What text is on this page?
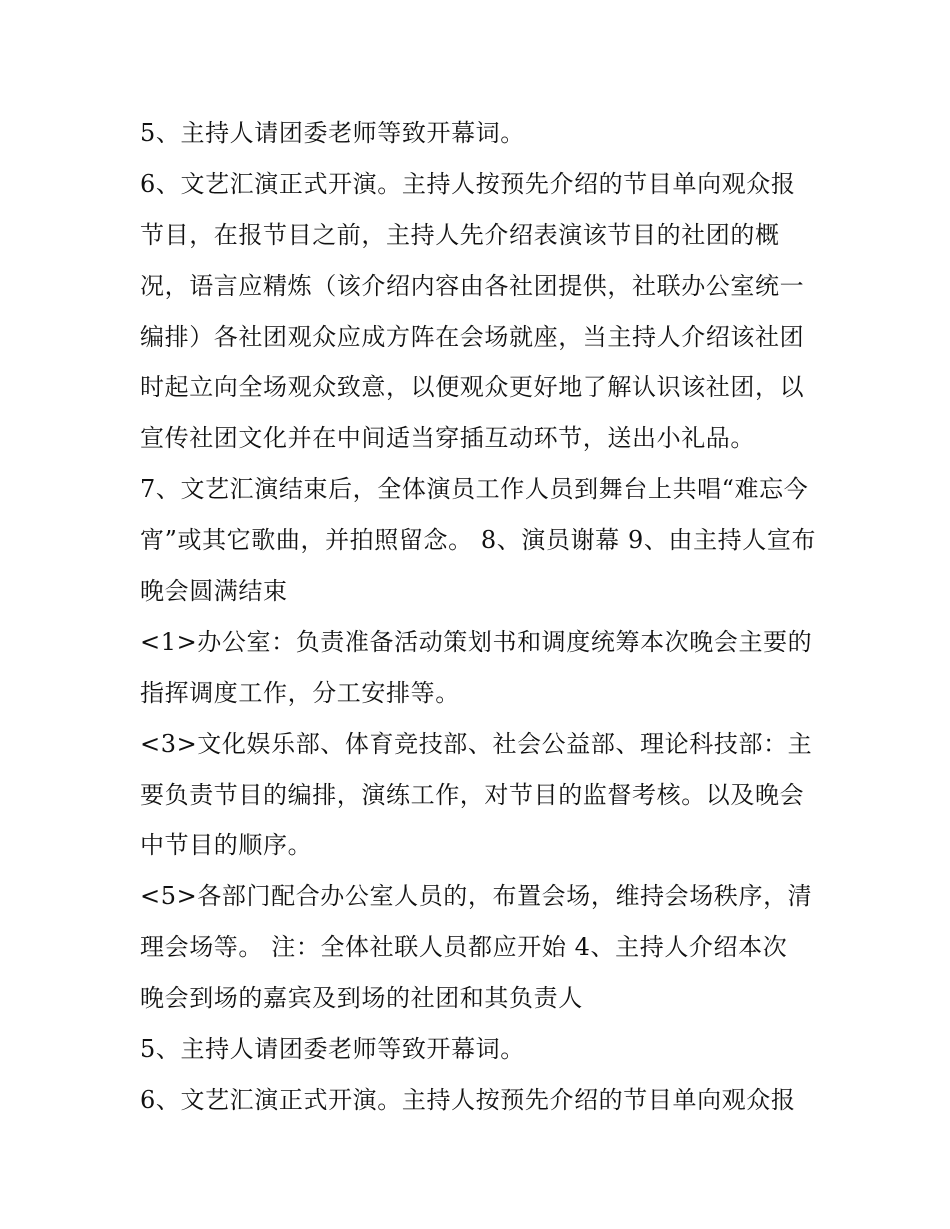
5、主持人请团委老师等致开幕词。
6、文艺汇演正式开演。主持人按预先介绍的节目单向观众报
节目，在报节目之前，主持人先介绍表演该节目的社团的概
况，语言应精炼（该介绍内容由各社团提供，社联办公室统一
编排）各社团观众应成方阵在会场就座，当主持人介绍该社团
时起立向全场观众致意，以便观众更好地了解认识该社团，以
宣传社团文化并在中间适当穿插互动环节，送出小礼品。
7、文艺汇演结束后，全体演员工作人员到舞台上共唱“难忘今
宵”或其它歌曲，并拍照留念。 8、演员谢幕 9、由主持人宣布
晚会圆满结束
<1>办公室：负责准备活动策划书和调度统筹本次晚会主要的
指挥调度工作，分工安排等。
<3>文化娱乐部、体育竞技部、社会公益部、理论科技部：主
要负责节目的编排，演练工作，对节目的监督考核。以及晚会
中节目的顺序。
<5>各部门配合办公室人员的，布置会场，维持会场秩序，清
理会场等。 注：全体社联人员都应开始 4、主持人介绍本次
晚会到场的嘉宾及到场的社团和其负责人
5、主持人请团委老师等致开幕词。
6、文艺汇演正式开演。主持人按预先介绍的节目单向观众报
